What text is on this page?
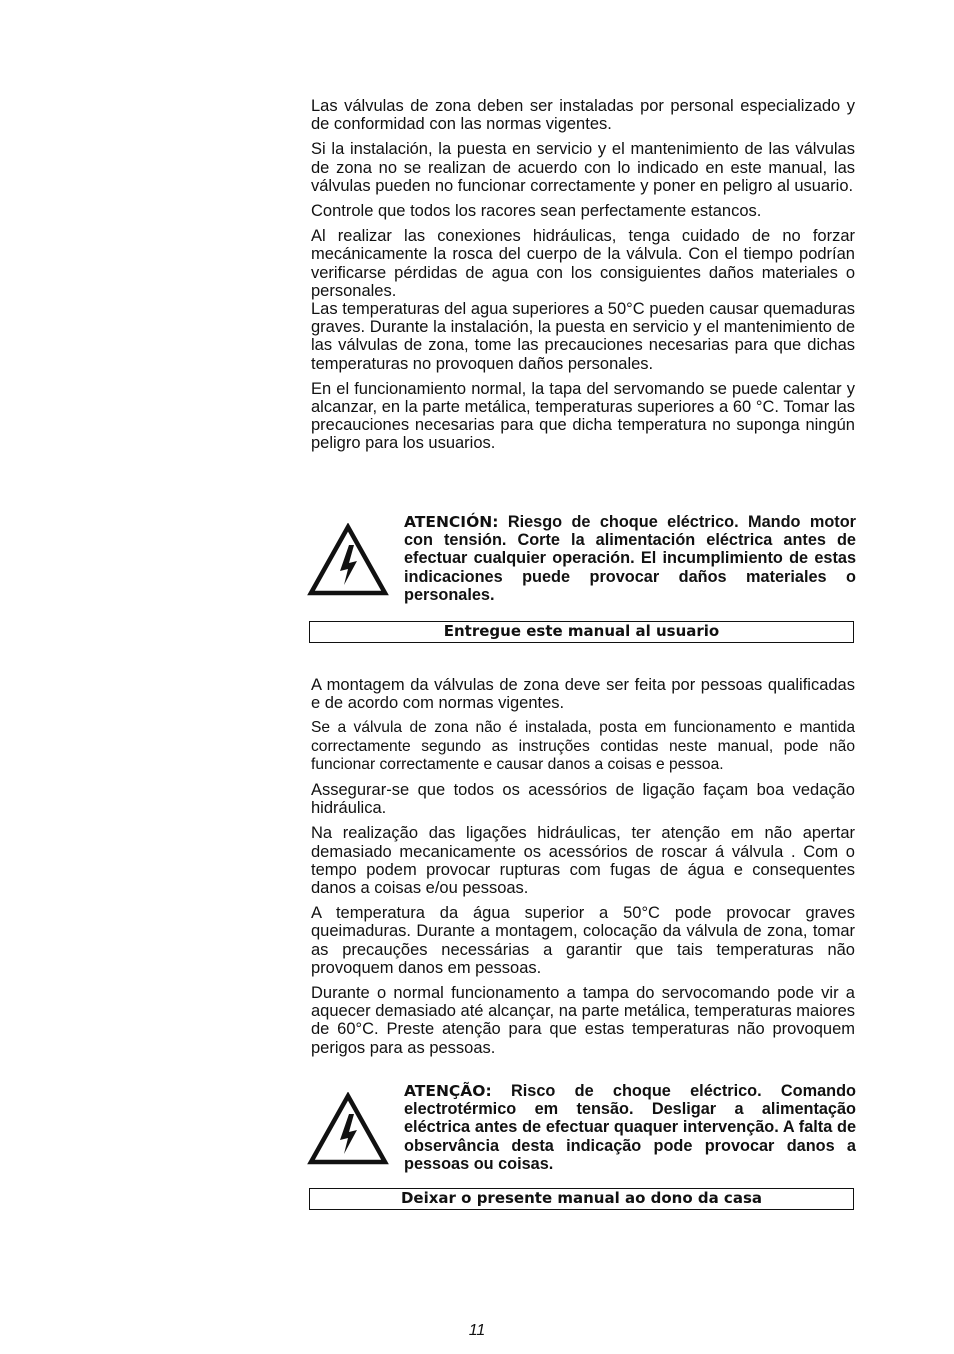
Las válvulas de zona deben ser instaladas por personal especializado y de conformidad con las normas vigentes.

Si la instalación, la puesta en servicio y el mantenimiento de las válvulas de zona no se realizan de acuerdo con lo indicado en este manual, las válvulas pueden no funcionar correctamente y poner en peligro al usuario.

Controle que todos los racores sean perfectamente estancos.

Al realizar las conexiones hidráulicas, tenga cuidado de no forzar mecánicamente la rosca del cuerpo de la válvula. Con el tiempo podrían verificarse pérdidas de agua con los consiguientes daños materiales o personales.

Las temperaturas del agua superiores a 50°C pueden causar quemaduras graves. Durante la instalación, la puesta en servicio y el mantenimiento de las válvulas de zona, tome las precauciones necesarias para que dichas temperaturas no provoquen daños personales.

En el funcionamiento normal, la tapa del servomando se puede calentar y alcanzar, en la parte metálica, temperaturas superiores a 60 °C. Tomar las precauciones necesarias para que dicha temperatura no suponga ningún peligro para los usuarios.

ATENCIÓN: Riesgo de choque eléctrico. Mando motor con tensión. Corte la alimentación eléctrica antes de efectuar cualquier operación. El incumplimiento de estas indicaciones puede provocar daños materiales o personales.
Entregue este manual al usuario

A montagem da válvulas de zona deve ser feita por pessoas qualificadas e de acordo com normas vigentes.

Se a válvula de zona não é instalada, posta em funcionamento e mantida correctamente segundo as instruções contidas neste manual, pode não funcionar correctamente e causar danos a coisas e pessoa.

Assegurar-se que todos os acessórios de ligação façam boa vedação hidráulica.

Na realização das ligações hidráulicas, ter atenção em não apertar demasiado mecanicamente os acessórios de roscar á válvula . Com o tempo podem provocar rupturas com fugas de água e consequentes danos a coisas e/ou pessoas.

A temperatura da água superior a 50°C pode provocar graves queimaduras. Durante a montagem, colocação da válvula de zona, tomar as precauções necessárias a garantir que tais temperaturas não provoquem danos em pessoas.

Durante o normal funcionamento a tampa do servocomando pode vir a aquecer demasiado até alcançar, na parte metálica, temperaturas maiores de 60°C. Preste atenção para que estas temperaturas não provoquem perigos para as pessoas.

ATENÇÃO: Risco de choque eléctrico. Comando electrotérmico em tensão. Desligar a alimentação eléctrica antes de efectuar quaquer intervenção. A falta de observância desta indicação pode provocar danos a pessoas ou coisas.
Deixar o presente manual ao dono da casa
11
